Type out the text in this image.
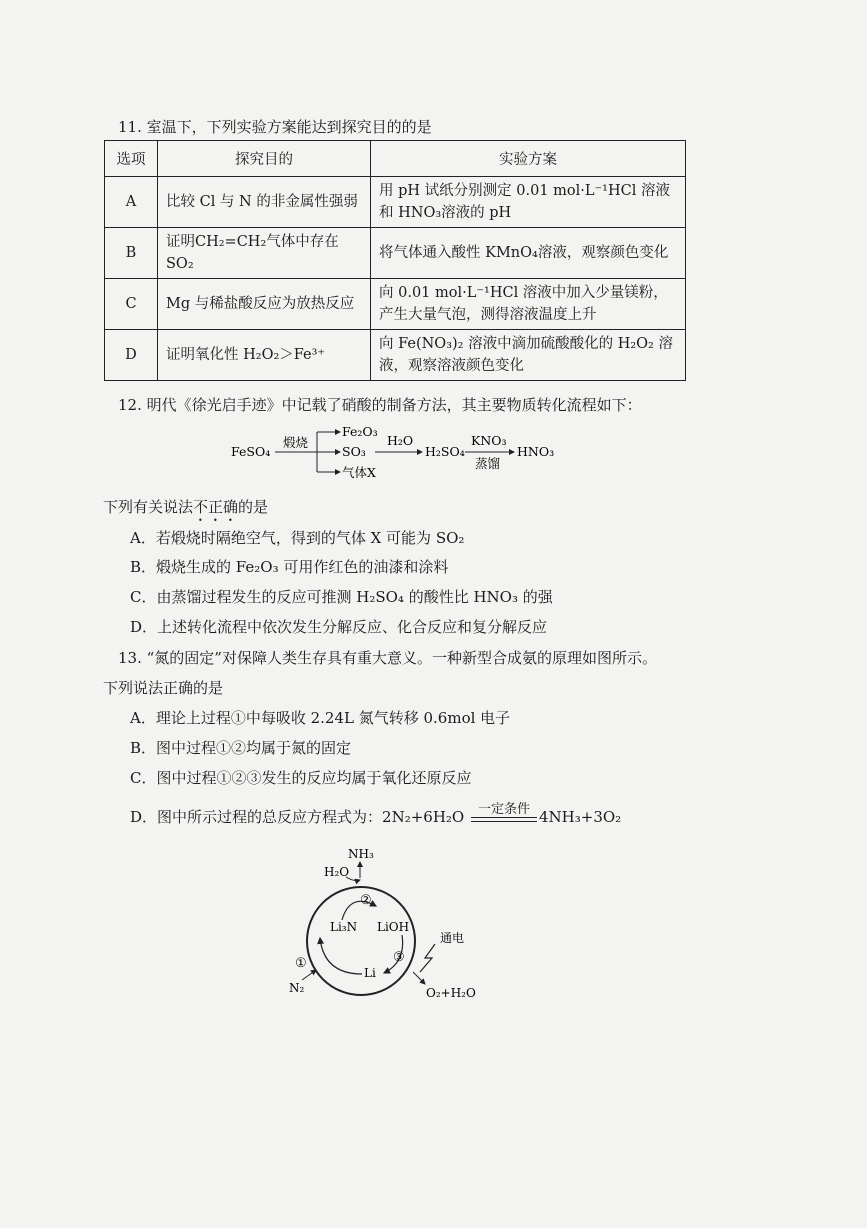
11. 室温下，下列实验方案能达到探究目的的是
选项	探究目的	实验方案
A	比较 Cl 与 N 的非金属性强弱	用 pH 试纸分别测定 0.01 mol·L⁻¹HCl 溶液和 HNO₃溶液的 pH
B	证明CH₂=CH₂气体中存在SO₂	将气体通入酸性 KMnO₄溶液，观察颜色变化
C	Mg 与稀盐酸反应为放热反应	向 0.01 mol·L⁻¹HCl 溶液中加入少量镁粉，产生大量气泡，测得溶液温度上升
D	证明氧化性 H₂O₂＞Fe³⁺	向 Fe(NO₃)₂ 溶液中滴加硫酸酸化的 H₂O₂ 溶液，观察溶液颜色变化
12. 明代《徐光启手迹》中记载了硝酸的制备方法，其主要物质转化流程如下：
FeSO₄
煅烧
Fe₂O₃
SO₃
气体X
H₂O
H₂SO₄
KNO₃
蒸馏
HNO₃
下列有关说法不正确的是
A．若煅烧时隔绝空气，得到的气体 X 可能为 SO₂
B．煅烧生成的 Fe₂O₃ 可用作红色的油漆和涂料
C．由蒸馏过程发生的反应可推测 H₂SO₄ 的酸性比 HNO₃ 的强
D．上述转化流程中依次发生分解反应、化合反应和复分解反应
13. “氮的固定”对保障人类生存具有重大意义。一种新型合成氨的原理如图所示。
下列说法正确的是
A．理论上过程①中每吸收 2.24L 氮气转移 0.6mol 电子
B．图中过程①②均属于氮的固定
C．图中过程①②③发生的反应均属于氧化还原反应
D．图中所示过程的总反应方程式为：2N₂+6H₂O	一定条件 4NH₃+3O₂
NH₃
H₂O
②
Li₃N LiOH
③
Li
①
N₂
通电
O₂+H₂O
